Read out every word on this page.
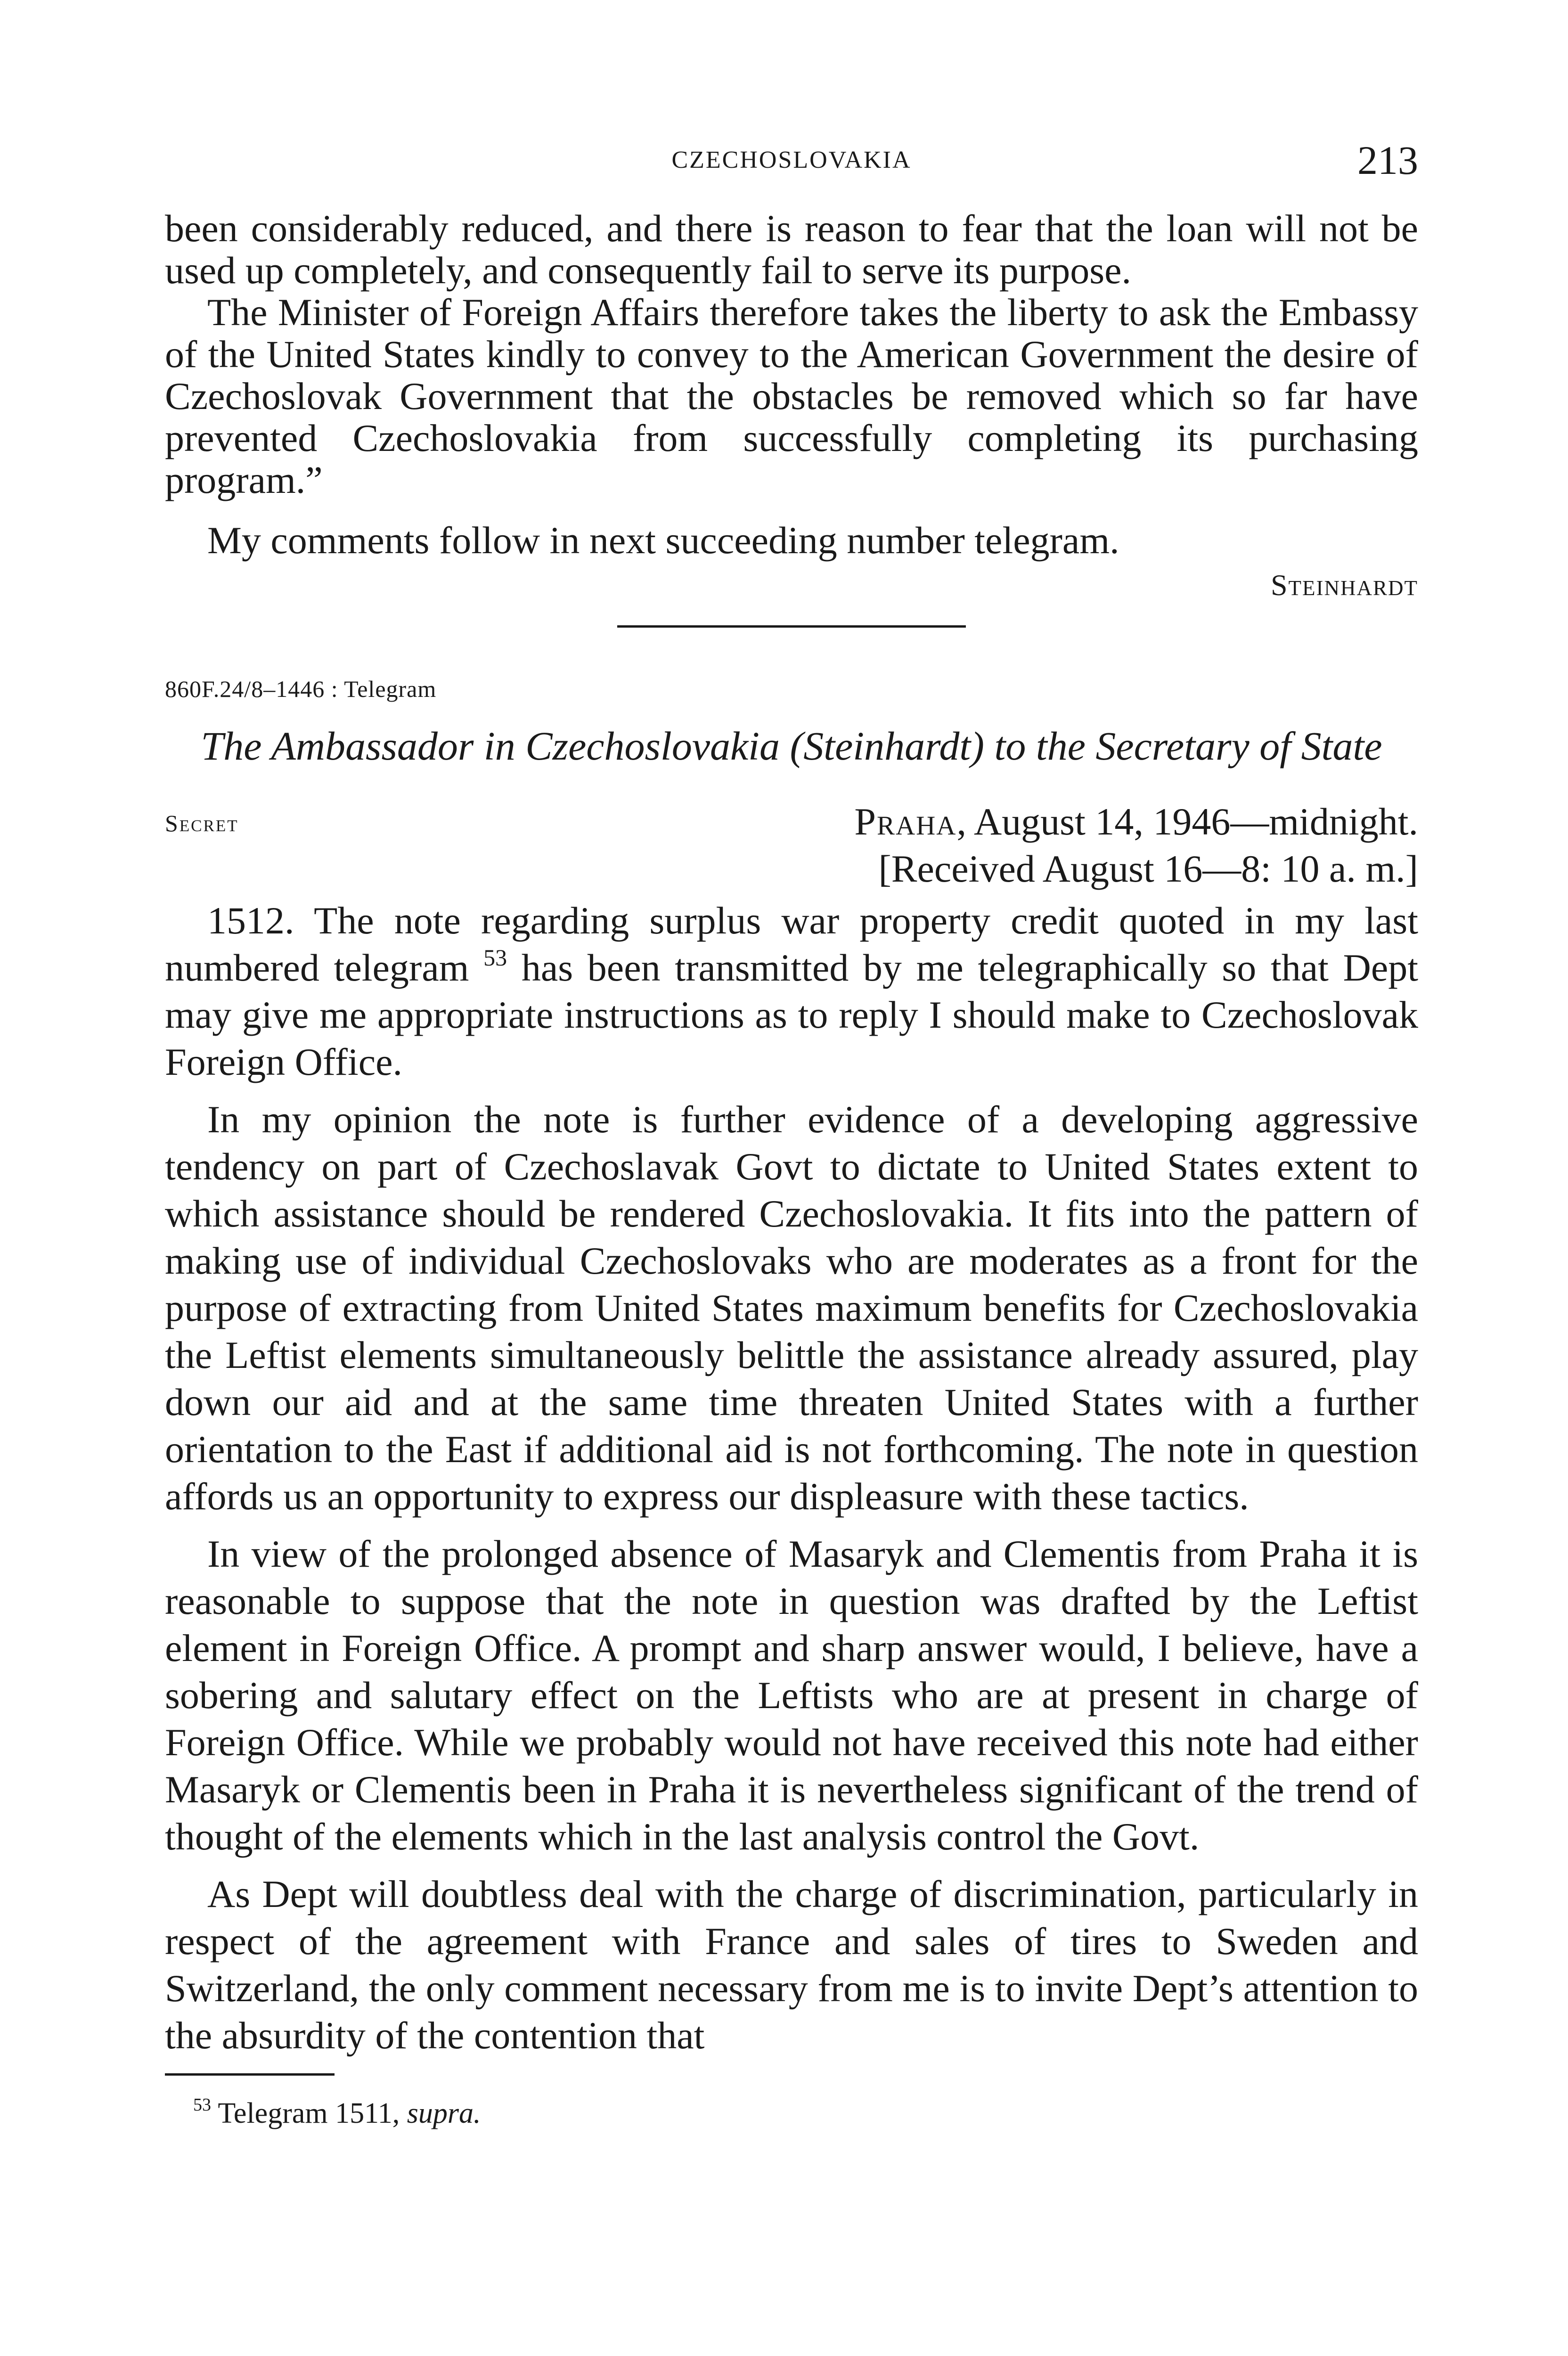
CZECHOSLOVAKIA	213

been considerably reduced, and there is reason to fear that the loan will not be used up completely, and consequently fail to serve its purpose.

The Minister of Foreign Affairs therefore takes the liberty to ask the Embassy of the United States kindly to convey to the American Government the desire of Czechoslovak Government that the obstacles be removed which so far have prevented Czechoslovakia from successfully completing its purchasing program.”

My comments follow in next succeeding number telegram.

Steinhardt

860F.24/8–1446 : Telegram
The Ambassador in Czechoslovakia (Steinhardt) to the Secretary of State
Secret	Praha, August 14, 1946—midnight.
[Received August 16—8: 10 a. m.]

1512. The note regarding surplus war property credit quoted in my last numbered telegram $^{53}$ has been transmitted by me telegraphically so that Dept may give me appropriate instructions as to reply I should make to Czechoslovak Foreign Office.

In my opinion the note is further evidence of a developing aggressive tendency on part of Czechoslavak Govt to dictate to United States extent to which assistance should be rendered Czechoslovakia. It fits into the pattern of making use of individual Czechoslovaks who are moderates as a front for the purpose of extracting from United States maximum benefits for Czechoslovakia the Leftist elements simultaneously belittle the assistance already assured, play down our aid and at the same time threaten United States with a further orientation to the East if additional aid is not forthcoming. The note in question affords us an opportunity to express our displeasure with these tactics.

In view of the prolonged absence of Masaryk and Clementis from Praha it is reasonable to suppose that the note in question was drafted by the Leftist element in Foreign Office. A prompt and sharp answer would, I believe, have a sobering and salutary effect on the Leftists who are at present in charge of Foreign Office. While we probably would not have received this note had either Masaryk or Clementis been in Praha it is nevertheless significant of the trend of thought of the elements which in the last analysis control the Govt.

As Dept will doubtless deal with the charge of discrimination, particularly in respect of the agreement with France and sales of tires to Sweden and Switzerland, the only comment necessary from me is to invite Dept’s attention to the absurdity of the contention that

$^{53}$ Telegram 1511, supra.
